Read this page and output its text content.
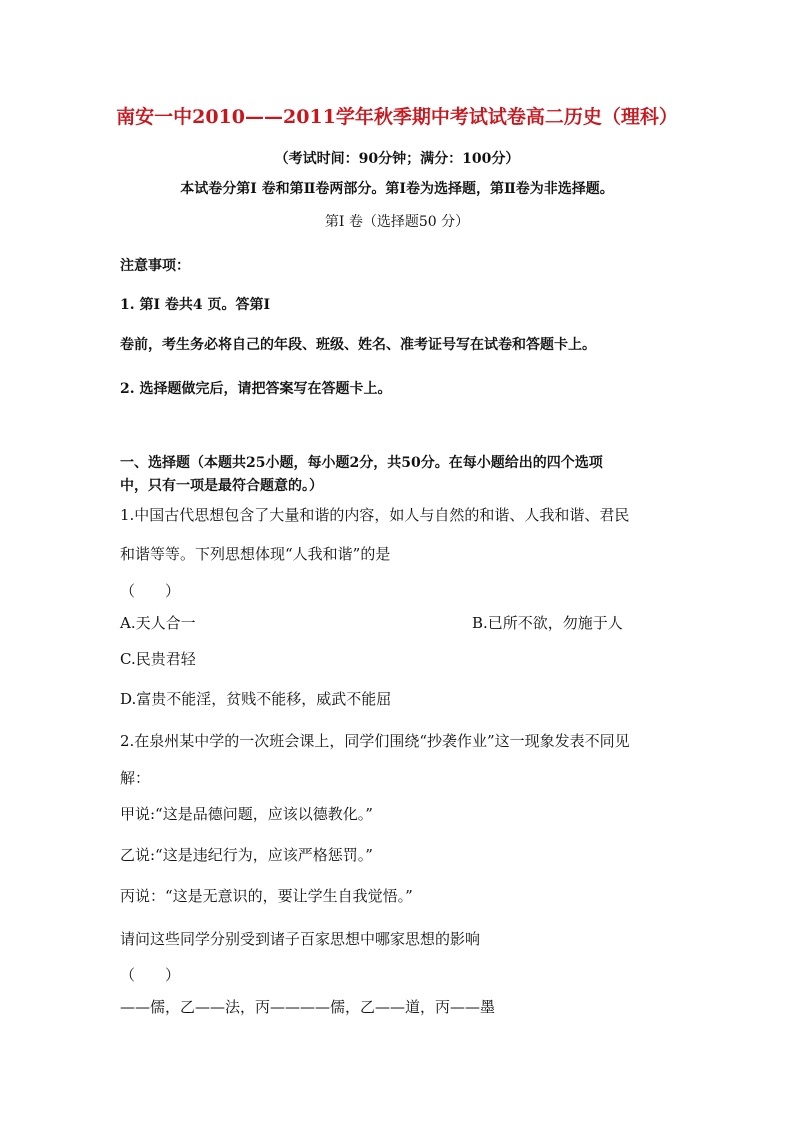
南安一中2010——2011学年秋季期中考试试卷高二历史（理科）
（考试时间：90分钟；满分：100分）
本试卷分第Ⅰ 卷和第Ⅱ卷两部分。第Ⅰ卷为选择题，第Ⅱ卷为非选择题。
第Ⅰ 卷（选择题50 分）
注意事项：
1. 第Ⅰ 卷共4 页。答第Ⅰ
卷前，考生务必将自己的年段、班级、姓名、准考证号写在试卷和答题卡上。
2. 选择题做完后，请把答案写在答题卡上。
一、选择题（本题共25小题，每小题2分，共50分。在每小题给出的四个选项
中，只有一项是最符合题意的。）
1.中国古代思想包含了大量和谐的内容，如人与自然的和谐、人我和谐、君民
和谐等等。下列思想体现“人我和谐”的是
（　　）
A.天人合一	B.已所不欲，勿施于人
C.民贵君轻
D.富贵不能淫，贫贱不能移，威武不能屈
2.在泉州某中学的一次班会课上，同学们围绕“抄袭作业”这一现象发表不同见
解：
甲说:“这是品德问题，应该以德教化。”
乙说:“这是违纪行为，应该严格惩罚。”
丙说：“这是无意识的，要让学生自我觉悟。”
请问这些同学分别受到诸子百家思想中哪家思想的影响
（　　）
——儒，乙——法，丙————儒，乙——道，丙——墨
